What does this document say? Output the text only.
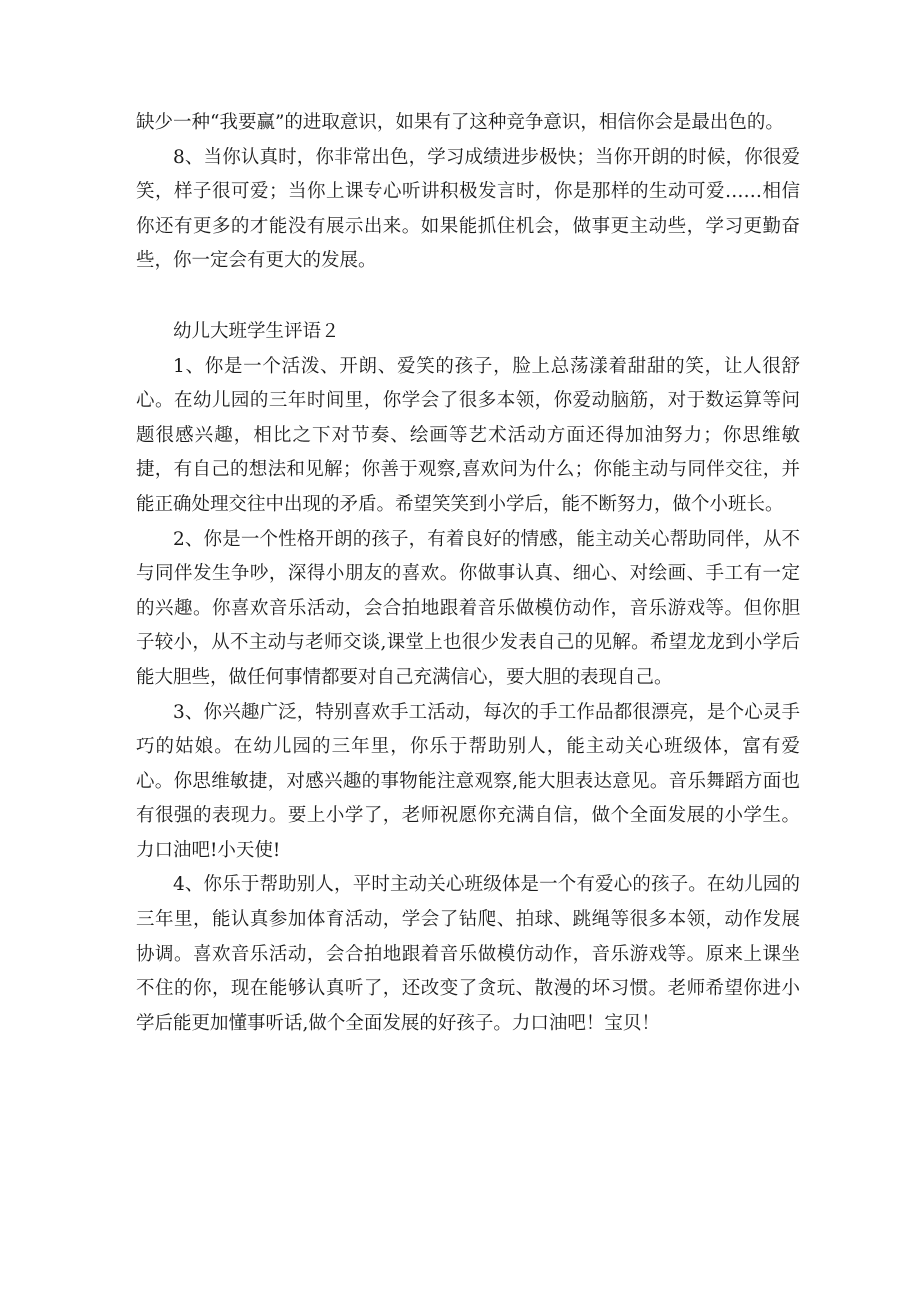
缺少一种“我要赢”的进取意识，如果有了这种竞争意识，相信你会是最出色的。

8、当你认真时，你非常出色，学习成绩进步极快；当你开朗的时候，你很爱笑，样子很可爱；当你上课专心听讲积极发言时，你是那样的生动可爱……相信你还有更多的才能没有展示出来。如果能抓住机会，做事更主动些，学习更勤奋些，你一定会有更大的发展。

幼儿大班学生评语２

1、你是一个活泼、开朗、爱笑的孩子，脸上总荡漾着甜甜的笑，让人很舒心。在幼儿园的三年时间里，你学会了很多本领，你爱动脑筋，对于数运算等问题很感兴趣，相比之下对节奏、绘画等艺术活动方面还得加油努力；你思维敏捷，有自己的想法和见解；你善于观察,喜欢问为什么；你能主动与同伴交往，并能正确处理交往中出现的矛盾。希望笑笑到小学后，能不断努力，做个小班长。

2、你是一个性格开朗的孩子，有着良好的情感，能主动关心帮助同伴，从不与同伴发生争吵，深得小朋友的喜欢。你做事认真、细心、对绘画、手工有一定的兴趣。你喜欢音乐活动，会合拍地跟着音乐做模仿动作，音乐游戏等。但你胆子较小，从不主动与老师交谈,课堂上也很少发表自己的见解。希望龙龙到小学后能大胆些，做任何事情都要对自己充满信心，要大胆的表现自己。

3、你兴趣广泛，特别喜欢手工活动，每次的手工作品都很漂亮，是个心灵手巧的姑娘。在幼儿园的三年里，你乐于帮助别人，能主动关心班级体，富有爱心。你思维敏捷，对感兴趣的事物能注意观察,能大胆表达意见。音乐舞蹈方面也有很强的表现力。要上小学了，老师祝愿你充满自信，做个全面发展的小学生。力口油吧!小天使!

4、你乐于帮助别人，平时主动关心班级体是一个有爱心的孩子。在幼儿园的三年里，能认真参加体育活动，学会了钻爬、拍球、跳绳等很多本领，动作发展协调。喜欢音乐活动，会合拍地跟着音乐做模仿动作，音乐游戏等。原来上课坐不住的你，现在能够认真听了，还改变了贪玩、散漫的坏习惯。老师希望你进小学后能更加懂事听话,做个全面发展的好孩子。力口油吧！宝贝！
